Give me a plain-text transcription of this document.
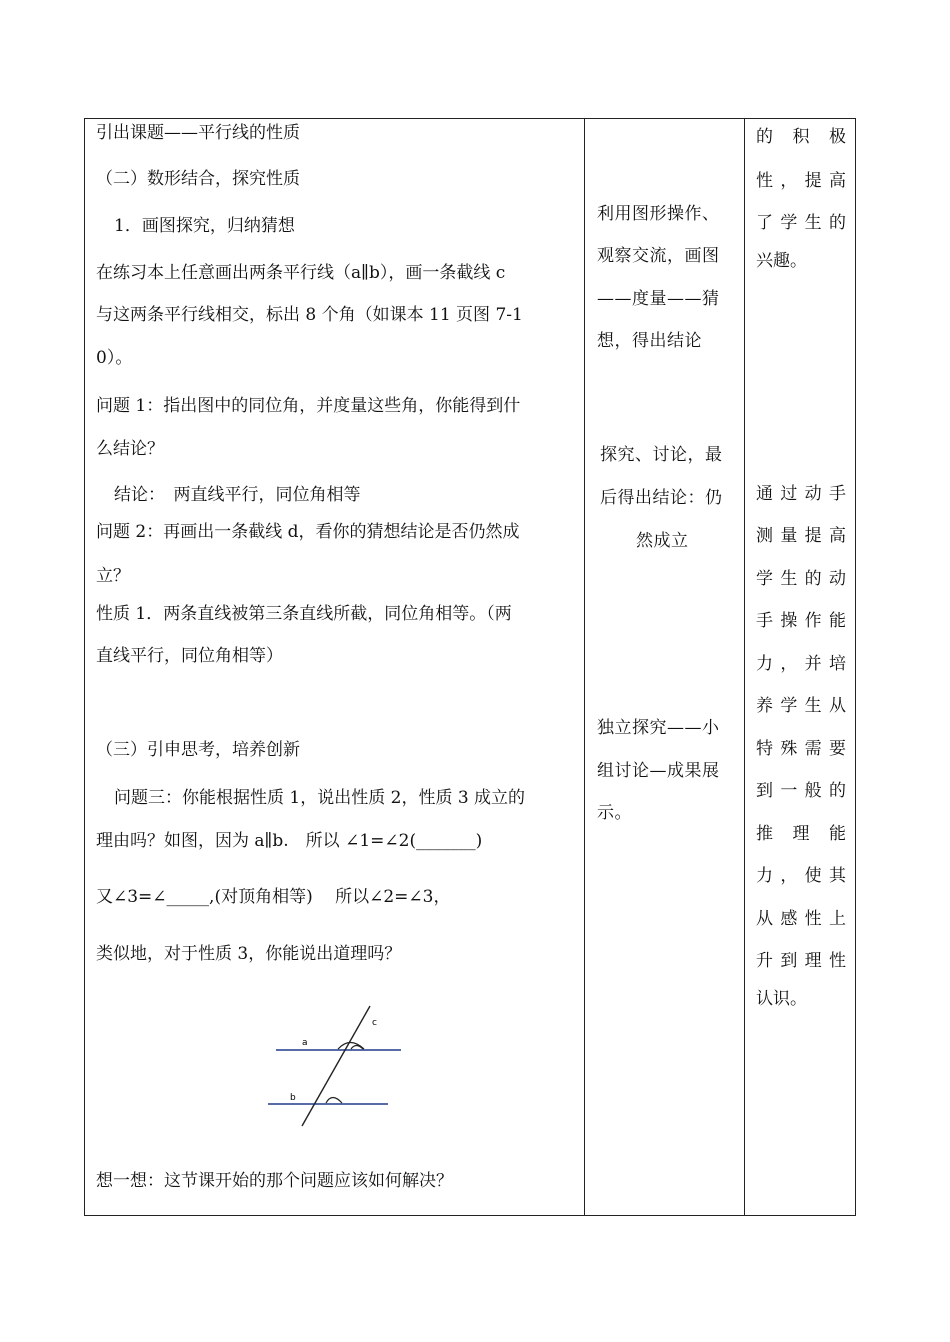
引出课题——平行线的性质
（二）数形结合，探究性质
1．画图探究，归纳猜想
在练习本上任意画出两条平行线（a∥b），画一条截线 c
与这两条平行线相交，标出 8 个角（如课本 11 页图 7-1
0）。
问题 1：指出图中的同位角，并度量这些角，你能得到什
么结论？
结论：　两直线平行，同位角相等
问题 2：再画出一条截线 d，看你的猜想结论是否仍然成
立？
性质 1．两条直线被第三条直线所截，同位角相等。（两
直线平行，同位角相等）
（三）引申思考，培养创新
问题三：你能根据性质 1，说出性质 2，性质 3 成立的
理由吗？如图，因为 a∥b.　所以 ∠1=∠2(_______)
又∠3=∠_____,(对顶角相等)　 所以∠2=∠3，
类似地，对于性质 3，你能说出道理吗？
a
b
c
想一想：这节课开始的那个问题应该如何解决？
利用图形操作、
观察交流，画图
——度量——猜
想，得出结论
探究、讨论，最
后得出结论：仍
然成立
独立探究——小
组讨论—成果展
示。
的 积 极
性 ， 提 高
了 学 生 的
兴趣。
通 过 动 手
测 量 提 高
学 生 的 动
手 操 作 能
力 ， 并 培
养 学 生 从
特 殊 需 要
到 一 般 的
推 理 能
力 ， 使 其
从 感 性 上
升 到 理 性
认识。
